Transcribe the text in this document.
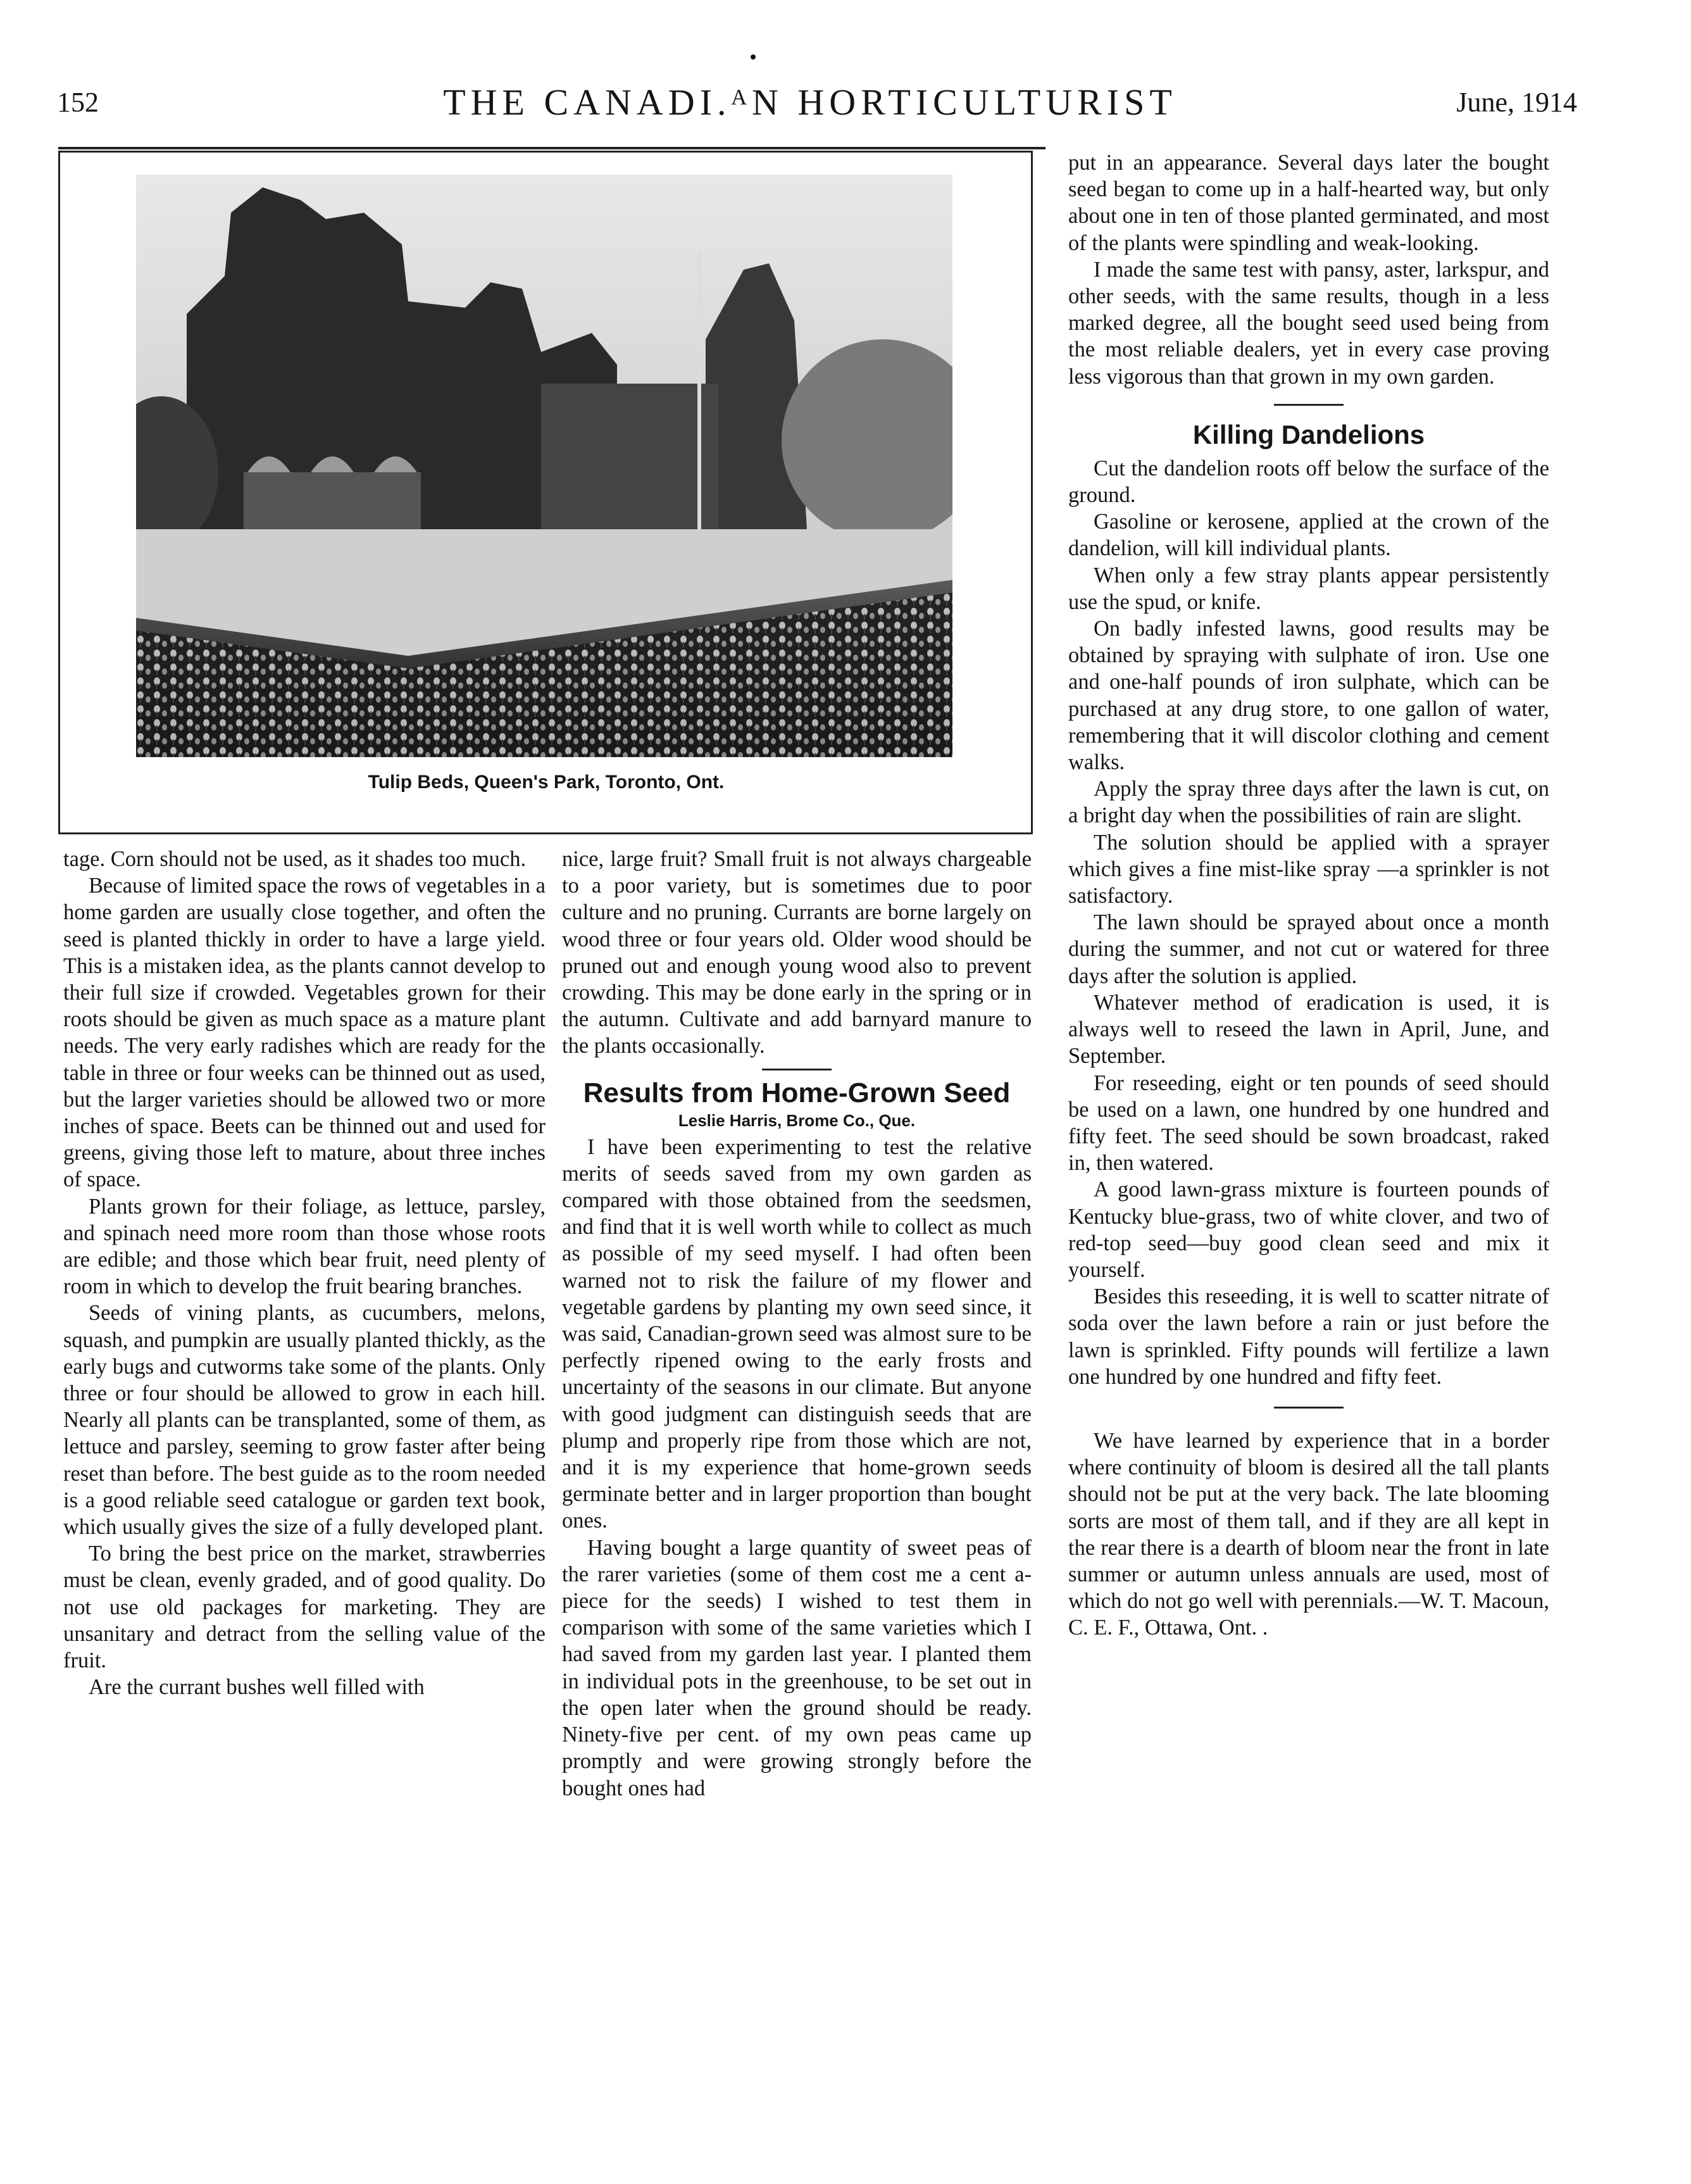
152	THE CANADI.ᴬN HORTICULTURIST	June, 1914
Tulip Beds, Queen's Park, Toronto, Ont.

tage. Corn should not be used, as it shades too much.

Because of limited space the rows of vegetables in a home garden are usually close together, and often the seed is planted thickly in order to have a large yield. This is a mistaken idea, as the plants cannot develop to their full size if crowded. Vegetables grown for their roots should be given as much space as a mature plant needs. The very early radishes which are ready for the table in three or four weeks can be thinned out as used, but the larger varieties should be allowed two or more inches of space. Beets can be thinned out and used for greens, giving those left to mature, about three inches of space.

Plants grown for their foliage, as lettuce, parsley, and spinach need more room than those whose roots are edible; and those which bear fruit, need plenty of room in which to develop the fruit bearing branches.

Seeds of vining plants, as cucumbers, melons, squash, and pumpkin are usually planted thickly, as the early bugs and cutworms take some of the plants. Only three or four should be allowed to grow in each hill. Nearly all plants can be transplanted, some of them, as lettuce and parsley, seeming to grow faster after being reset than before. The best guide as to the room needed is a good reliable seed catalogue or garden text book, which usually gives the size of a fully developed plant.

To bring the best price on the market, strawberries must be clean, evenly graded, and of good quality. Do not use old packages for marketing. They are unsanitary and detract from the selling value of the fruit.

Are the currant bushes well filled with

nice, large fruit? Small fruit is not always chargeable to a poor variety, but is sometimes due to poor culture and no pruning. Currants are borne largely on wood three or four years old. Older wood should be pruned out and enough young wood also to prevent crowding. This may be done early in the spring or in the autumn. Cultivate and add barnyard manure to the plants occasionally.

Results from Home-Grown Seed
Leslie Harris, Brome Co., Que.

I have been experimenting to test the relative merits of seeds saved from my own garden as compared with those obtained from the seedsmen, and find that it is well worth while to collect as much as possible of my seed myself. I had often been warned not to risk the failure of my flower and vegetable gardens by planting my own seed since, it was said, Canadian-grown seed was almost sure to be perfectly ripened owing to the early frosts and uncertainty of the seasons in our climate. But anyone with good judgment can distinguish seeds that are plump and properly ripe from those which are not, and it is my experience that home-grown seeds germinate better and in larger proportion than bought ones.

Having bought a large quantity of sweet peas of the rarer varieties (some of them cost me a cent a-piece for the seeds) I wished to test them in comparison with some of the same varieties which I had saved from my garden last year. I planted them in individual pots in the greenhouse, to be set out in the open later when the ground should be ready. Ninety-five per cent. of my own peas came up promptly and were growing strongly before the bought ones had

put in an appearance. Several days later the bought seed began to come up in a half-hearted way, but only about one in ten of those planted germinated, and most of the plants were spindling and weak-looking.

I made the same test with pansy, aster, larkspur, and other seeds, with the same results, though in a less marked degree, all the bought seed used being from the most reliable dealers, yet in every case proving less vigorous than that grown in my own garden.

Killing Dandelions

Cut the dandelion roots off below the surface of the ground.

Gasoline or kerosene, applied at the crown of the dandelion, will kill individual plants.

When only a few stray plants appear persistently use the spud, or knife.

On badly infested lawns, good results may be obtained by spraying with sulphate of iron. Use one and one-half pounds of iron sulphate, which can be purchased at any drug store, to one gallon of water, remembering that it will discolor clothing and cement walks.

Apply the spray three days after the lawn is cut, on a bright day when the possibilities of rain are slight.

The solution should be applied with a sprayer which gives a fine mist-like spray —a sprinkler is not satisfactory.

The lawn should be sprayed about once a month during the summer, and not cut or watered for three days after the solution is applied.

Whatever method of eradication is used, it is always well to reseed the lawn in April, June, and September.

For reseeding, eight or ten pounds of seed should be used on a lawn, one hundred by one hundred and fifty feet. The seed should be sown broadcast, raked in, then watered.

A good lawn-grass mixture is fourteen pounds of Kentucky blue-grass, two of white clover, and two of red-top seed—buy good clean seed and mix it yourself.

Besides this reseeding, it is well to scatter nitrate of soda over the lawn before a rain or just before the lawn is sprinkled. Fifty pounds will fertilize a lawn one hundred by one hundred and fifty feet.

We have learned by experience that in a border where continuity of bloom is desired all the tall plants should not be put at the very back. The late blooming sorts are most of them tall, and if they are all kept in the rear there is a dearth of bloom near the front in late summer or autumn unless annuals are used, most of which do not go well with perennials.—W. T. Macoun, C. E. F., Ottawa, Ont. .
